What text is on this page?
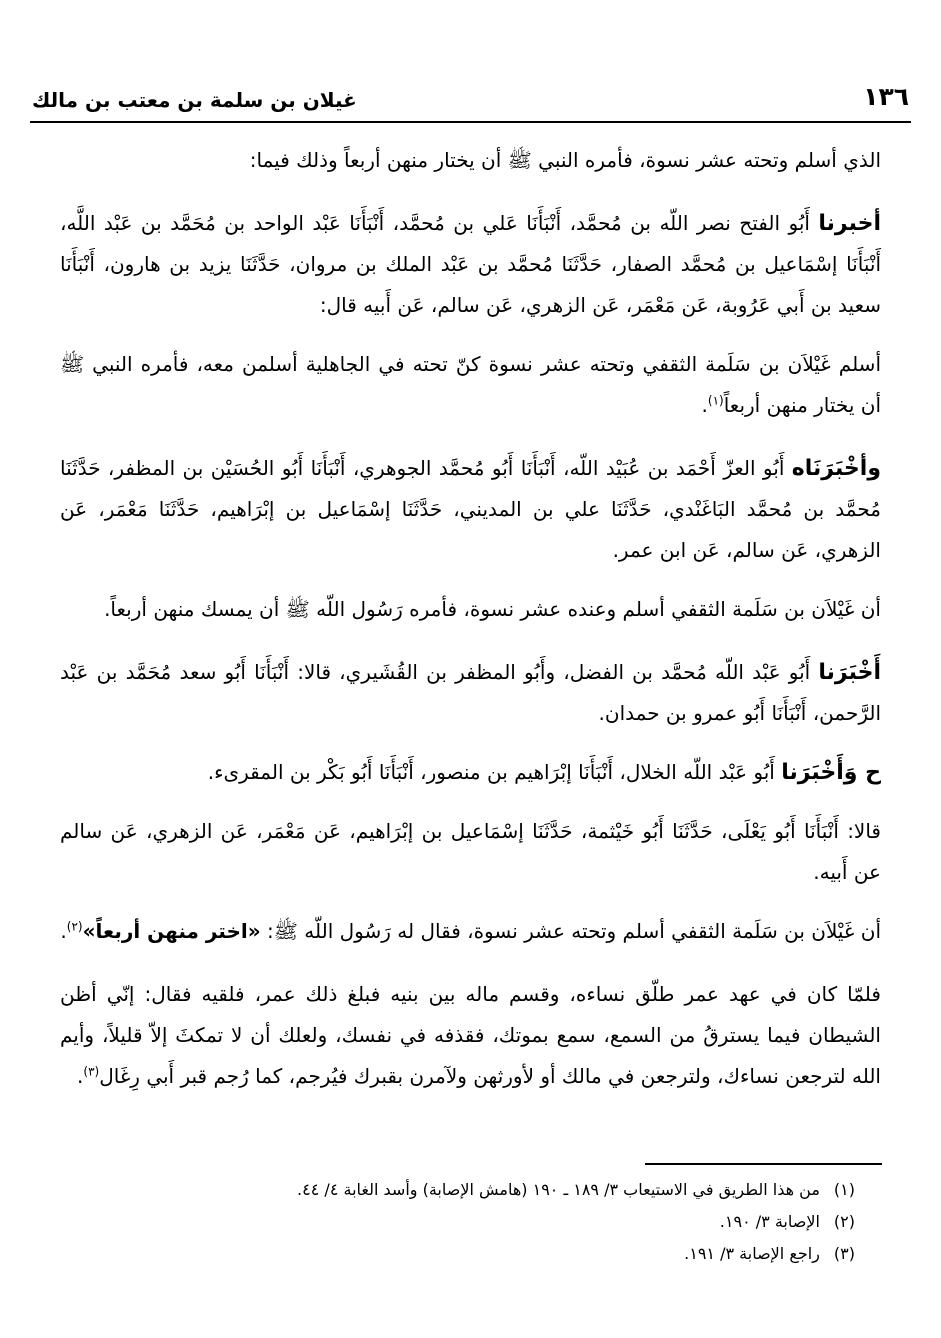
١٣٦
غيلان بن سلمة بن معتب بن مالك

الذي أسلم وتحته عشر نسوة، فأمره النبي ﷺ أن يختار منهن أربعاً وذلك فيما:

أخبرنا أَبُو الفتح نصر اللّه بن مُحمَّد، أَنْبَأَنَا عَلي بن مُحمَّد، أَنْبَأَنَا عَبْد الواحد بن مُحَمَّد بن عَبْد اللَّه، أَنْبَأَنَا إسْمَاعيل بن مُحمَّد الصفار، حَدَّثَنَا مُحمَّد بن عَبْد الملك بن مروان، حَدَّثَنَا يزيد بن هارون، أَنْبَأَنَا سعيد بن أَبي عَرُوبة، عَن مَعْمَر، عَن الزهري، عَن سالم، عَن أَبيه قال:

أسلم غَيْلاَن بن سَلَمة الثقفي وتحته عشر نسوة كنّ تحته في الجاهلية أسلمن معه، فأمره النبي ﷺ أن يختار منهن أربعاً$^{(١)}$.

وأخْبَرَنَاه أَبُو العزّ أَحْمَد بن عُبَيْد اللّه، أَنْبَأَنَا أَبُو مُحمَّد الجوهري، أَنْبَأَنَا أَبُو الحُسَيْن بن المظفر، حَدَّثَنَا مُحمَّد بن مُحمَّد البَاغَنْدي، حَدَّثَنَا علي بن المديني، حَدَّثَنَا إسْمَاعيل بن إبْرَاهيم، حَدَّثَنَا مَعْمَر، عَن الزهري، عَن سالم، عَن ابن عمر.

أن غَيْلاَن بن سَلَمة الثقفي أسلم وعنده عشر نسوة، فأمره رَسُول اللّه ﷺ أن يمسك منهن أربعاً.

أَخْبَرَنا أَبُو عَبْد اللّه مُحمَّد بن الفضل، وأَبُو المظفر بن القُشَيري، قالا: أَنْبَأَنَا أَبُو سعد مُحَمَّد بن عَبْد الرَّحمن، أَنْبَأَنَا أَبُو عمرو بن حمدان.

ح وَأَخْبَرَنا أَبُو عَبْد اللّه الخلال، أَنْبَأَنَا إبْرَاهيم بن منصور، أَنْبَأَنَا أَبُو بَكْر بن المقرىء.

قالا: أَنْبَأَنَا أَبُو يَعْلَى، حَدَّثَنَا أَبُو خَيْثمة، حَدَّثَنَا إسْمَاعيل بن إبْرَاهيم، عَن مَعْمَر، عَن الزهري، عَن سالم عن أَبيه.

أن غَيْلاَن بن سَلَمة الثقفي أسلم وتحته عشر نسوة، فقال له رَسُول اللّه ﷺ: «اختر منهن أربعاً»$^{(٢)}$.

فلمّا كان في عهد عمر طلّق نساءه، وقسم ماله بين بنيه فبلغ ذلك عمر، فلقيه فقال: إنّي أظن الشيطان فيما يسترقُ من السمع، سمع بموتك، فقذفه في نفسك، ولعلك أن لا تمكثَ إلاّ قليلاً، وأيم الله لترجعن نساءك، ولترجعن في مالك أو لأورثهن ولآمرن بقبرك فيُرجم، كما رُجم قبر أَبي رِغَال$^{(٣)}$.

(١) من هذا الطريق في الاستيعاب ٣/ ١٨٩ ـ ١٩٠ (هامش الإصابة) وأسد الغابة ٤/ ٤٤.

(٢) الإصابة ٣/ ١٩٠.

(٣) راجع الإصابة ٣/ ١٩١.
